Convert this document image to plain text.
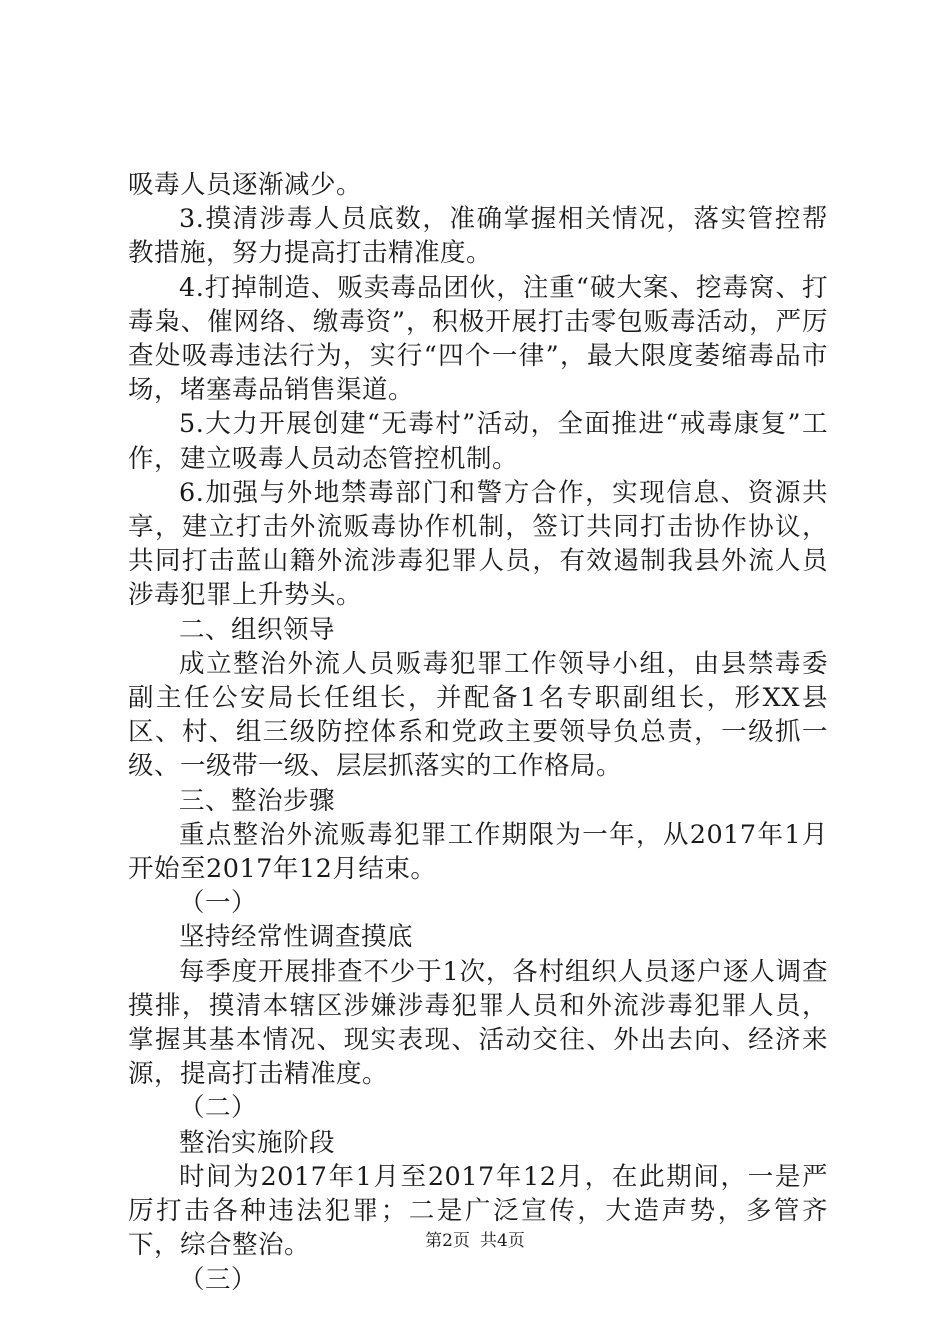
吸毒人员逐渐减少。

3.摸清涉毒人员底数，准确掌握相关情况，落实管控帮教措施，努力提高打击精准度。

4.打掉制造、贩卖毒品团伙，注重“破大案、挖毒窝、打毒枭、催网络、缴毒资”，积极开展打击零包贩毒活动，严厉查处吸毒违法行为，实行“四个一律”，最大限度萎缩毒品市场，堵塞毒品销售渠道。

5.大力开展创建“无毒村”活动，全面推进“戒毒康复”工作，建立吸毒人员动态管控机制。

6.加强与外地禁毒部门和警方合作，实现信息、资源共享，建立打击外流贩毒协作机制，签订共同打击协作协议，共同打击蓝山籍外流涉毒犯罪人员，有效遏制我县外流人员涉毒犯罪上升势头。

二、组织领导

成立整治外流人员贩毒犯罪工作领导小组，由县禁毒委副主任公安局长任组长，并配备1名专职副组长，形XX县区、村、组三级防控体系和党政主要领导负总责，一级抓一级、一级带一级、层层抓落实的工作格局。

三、整治步骤

重点整治外流贩毒犯罪工作期限为一年，从2017年1月开始至2017年12月结束。

（一）

坚持经常性调查摸底

每季度开展排查不少于1次，各村组织人员逐户逐人调查摸排，摸清本辖区涉嫌涉毒犯罪人员和外流涉毒犯罪人员，掌握其基本情况、现实表现、活动交往、外出去向、经济来源，提高打击精准度。

（二）

整治实施阶段

时间为2017年1月至2017年12月，在此期间，一是严厉打击各种违法犯罪；二是广泛宣传，大造声势，多管齐下，综合整治。

（三）

第2页 共4页
